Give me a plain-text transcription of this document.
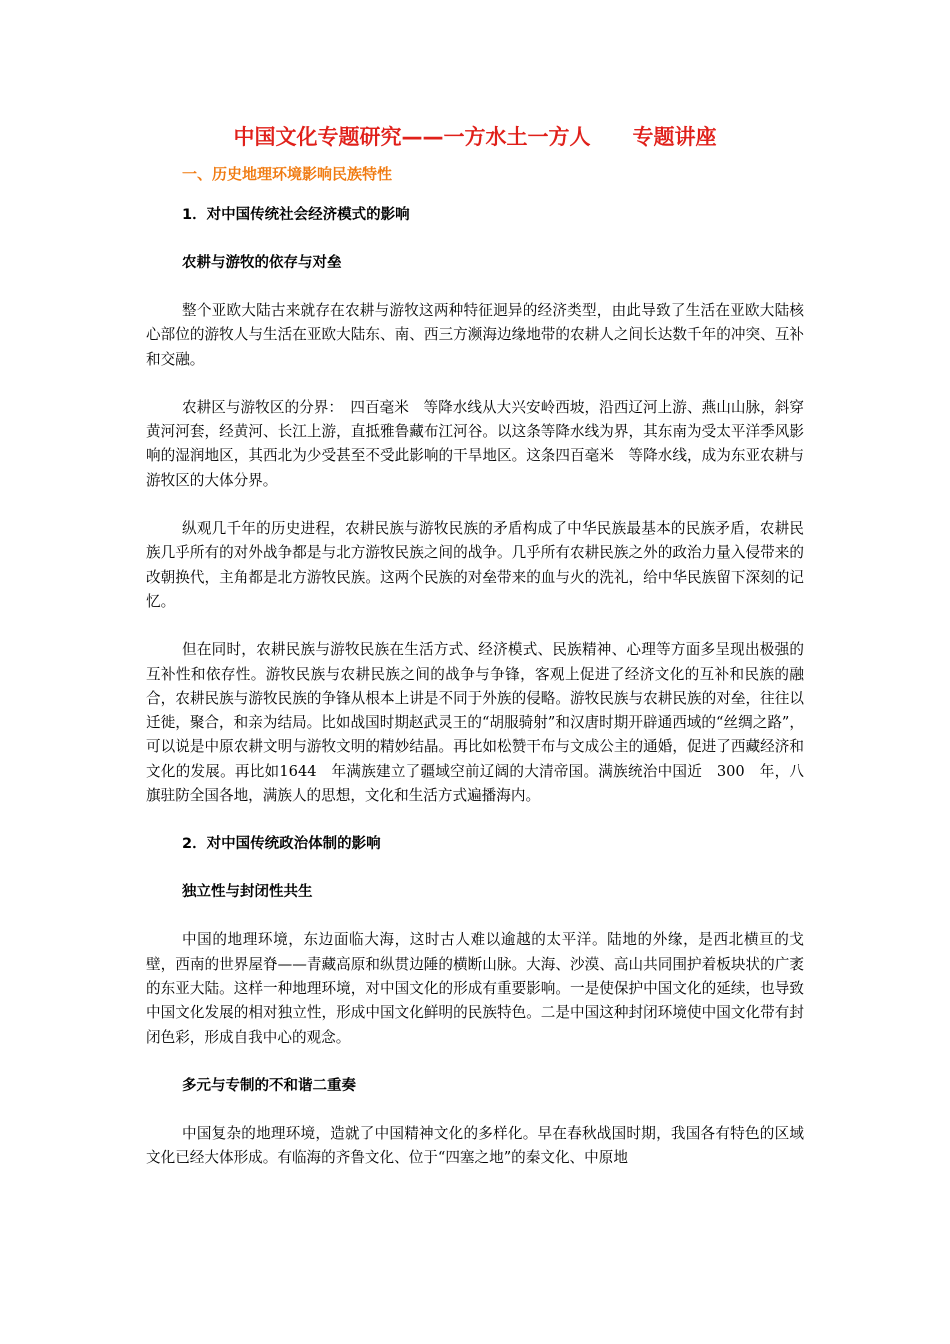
中国文化专题研究——一方水土一方人　　专题讲座
一、历史地理环境影响民族特性

1．对中国传统社会经济模式的影响

农耕与游牧的依存与对垒

整个亚欧大陆古来就存在农耕与游牧这两种特征迥异的经济类型，由此导致了生活在亚欧大陆核心部位的游牧人与生活在亚欧大陆东、南、西三方濒海边缘地带的农耕人之间长达数千年的冲突、互补和交融。

农耕区与游牧区的分界：　四百毫米　等降水线从大兴安岭西坡，沿西辽河上游、燕山山脉，斜穿黄河河套，经黄河、长江上游，直抵雅鲁藏布江河谷。以这条等降水线为界，其东南为受太平洋季风影响的湿润地区，其西北为少受甚至不受此影响的干旱地区。这条四百毫米　等降水线，成为东亚农耕与游牧区的大体分界。

纵观几千年的历史进程，农耕民族与游牧民族的矛盾构成了中华民族最基本的民族矛盾，农耕民族几乎所有的对外战争都是与北方游牧民族之间的战争。几乎所有农耕民族之外的政治力量入侵带来的改朝换代，主角都是北方游牧民族。这两个民族的对垒带来的血与火的洗礼，给中华民族留下深刻的记忆。

但在同时，农耕民族与游牧民族在生活方式、经济模式、民族精神、心理等方面多呈现出极强的互补性和依存性。游牧民族与农耕民族之间的战争与争锋，客观上促进了经济文化的互补和民族的融合，农耕民族与游牧民族的争锋从根本上讲是不同于外族的侵略。游牧民族与农耕民族的对垒，往往以迁徙，聚合，和亲为结局。比如战国时期赵武灵王的“胡服骑射”和汉唐时期开辟通西域的“丝绸之路”，可以说是中原农耕文明与游牧文明的精妙结晶。再比如松赞干布与文成公主的通婚，促进了西藏经济和文化的发展。再比如1644　年满族建立了疆域空前辽阔的大清帝国。满族统治中国近　300　年，八旗驻防全国各地，满族人的思想，文化和生活方式遍播海内。

2．对中国传统政治体制的影响

独立性与封闭性共生

中国的地理环境，东边面临大海，这时古人难以逾越的太平洋。陆地的外缘，是西北横亘的戈壁，西南的世界屋脊——青藏高原和纵贯边陲的横断山脉。大海、沙漠、高山共同围护着板块状的广袤的东亚大陆。这样一种地理环境，对中国文化的形成有重要影响。一是使保护中国文化的延续，也导致中国文化发展的相对独立性，形成中国文化鲜明的民族特色。二是中国这种封闭环境使中国文化带有封闭色彩，形成自我中心的观念。

多元与专制的不和谐二重奏

中国复杂的地理环境，造就了中国精神文化的多样化。早在春秋战国时期，我国各有特色的区域文化已经大体形成。有临海的齐鲁文化、位于“四塞之地”的秦文化、中原地
